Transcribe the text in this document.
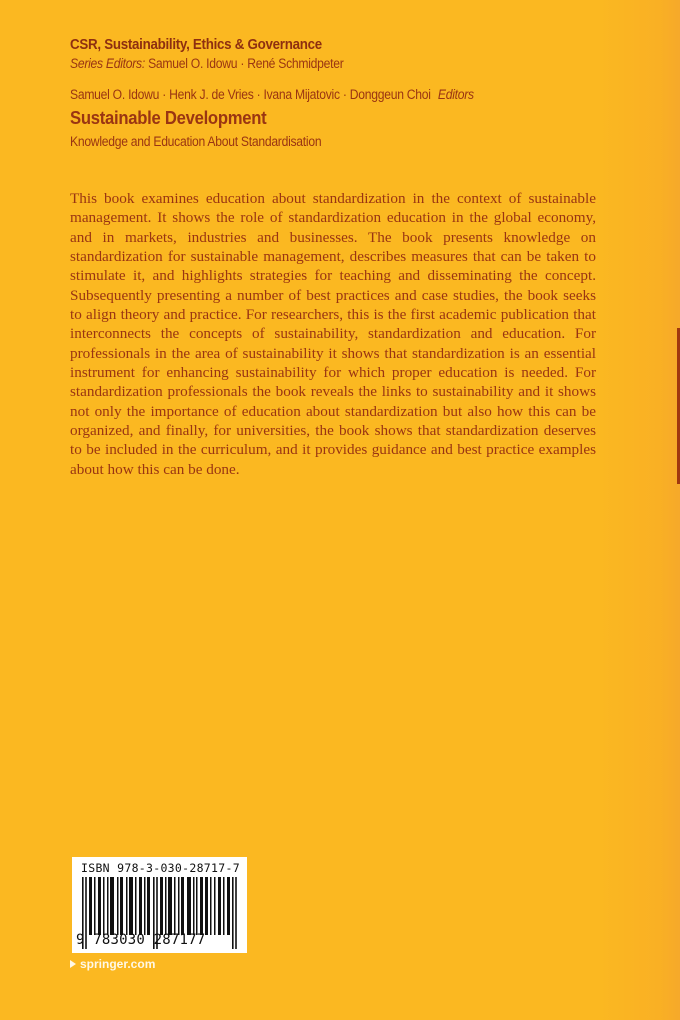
CSR, Sustainability, Ethics & Governance
Series Editors: Samuel O. Idowu · René Schmidpeter
Samuel O. Idowu · Henk J. de Vries · Ivana Mijatovic · Donggeun Choi Editors
Sustainable Development
Knowledge and Education About Standardisation

This book examines education about standardization in the context of sustainable management. It shows the role of standardization education in the global economy, and in markets, industries and businesses. The book presents knowledge on standardization for sustainable management, describes measures that can be taken to stimulate it, and highlights strategies for teaching and disseminating the concept. Subsequently presenting a number of best practices and case studies, the book seeks to align theory and practice. For researchers, this is the first academic publication that interconnects the concepts of sustainability, standardization and education. For professionals in the area of sustainability it shows that standardization is an essential instrument for enhancing sustainability for which proper education is needed. For standardization professionals the book reveals the links to sustainability and it shows not only the importance of education about standardization but also how this can be organized, and finally, for universities, the book shows that standardization deserves to be included in the curriculum, and it provides guidance and best practice examples about how this can be done.

ISBN 978-3-030-28717-7
9 783030 287177
springer.com
